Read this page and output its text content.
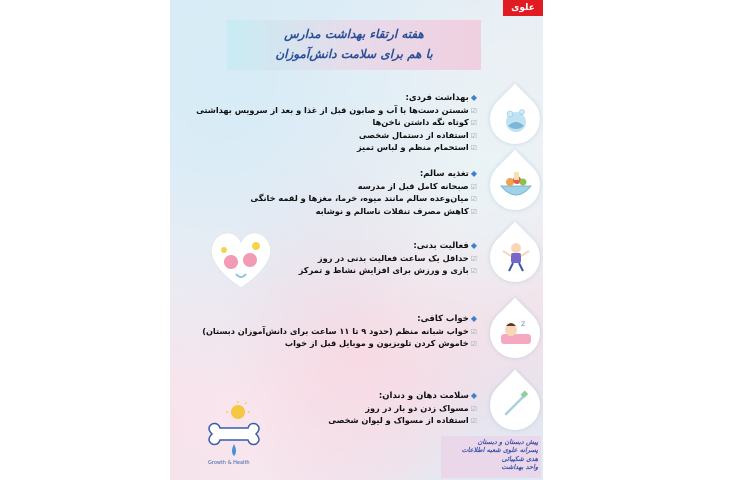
علوی
هفته ارتقاء بهداشت مدارس
با هم برای سلامت دانش‌آموزان
◆بهداشت فردی:
☑شستن دست‌ها با آب و صابون قبل از غذا و بعد از سرویس بهداشتی
☑کوتاه نگه داشتن ناخن‌ها
☑استفاده از دستمال شخصی
☑استحمام منظم و لباس تمیز
◆تغذیه سالم:
☑صبحانه کامل قبل از مدرسه
☑میان‌وعده سالم مانند میوه، خرما، مغزها و لقمه خانگی
☑کاهش مصرف تنقلات ناسالم و نوشابه
◆فعالیت بدنی:
☑حداقل یک ساعت فعالیت بدنی در روز
☑بازی و ورزش برای افزایش نشاط و تمرکز
◆خواب کافی:
☑خواب شبانه منظم (حدود ۹ تا ۱۱ ساعت برای دانش‌آموزان دبستان)
☑خاموش کردن تلویزیون و موبایل قبل از خواب
z
◆سلامت دهان و دندان:
☑مسواک زدن دو بار در روز
☑استفاده از مسواک و لیوان شخصی
Growth & Health
پیش دبستان و دبستان
پسرانه علوی شعبه اطلاعات
هدی شکیبائی
واحد بهداشت
